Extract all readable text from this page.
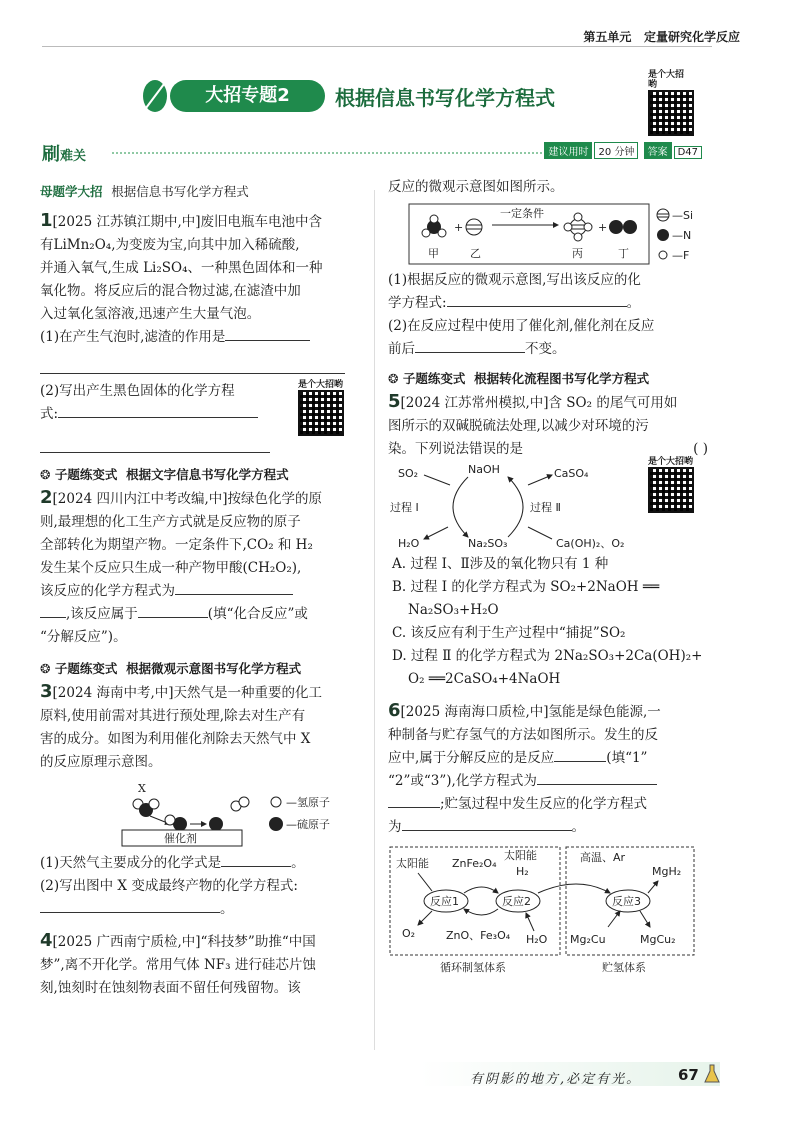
第五单元 定量研究化学反应
大招专题2	根据信息书写化学方程式
是个大招哟
刷难关	建议用时 20 分钟 答案 D47

母题学大招 根据信息书写化学方程式

1[2025 江苏镇江期中,中]废旧电瓶车电池中含

有LiMn₂O₄,为变废为宝,向其中加入稀硫酸,

并通入氧气,生成 Li₂SO₄、一种黑色固体和一种

氧化物。将反应后的混合物过滤,在滤渣中加

入过氧化氢溶液,迅速产生大量气泡。

(1)在产生气泡时,滤渣的作用是

(2)写出产生黑色固体的化学方程

式:

是个大招哟

❂ 子题练变式 根据文字信息书写化学方程式

2[2024 四川内江中考改编,中]按绿色化学的原

则,最理想的化工生产方式就是反应物的原子

全部转化为期望产物。一定条件下,CO₂ 和 H₂

发生某个反应只生成一种产物甲酸(CH₂O₂),

该反应的化学方程式为

,该反应属于	(填“化合反应”或

“分解反应”)。

❂ 子题练变式 根据微观示意图书写化学方程式

3[2024 海南中考,中]天然气是一种重要的化工

原料,使用前需对其进行预处理,除去对生产有

害的成分。如图为利用催化剂除去天然气中 X

的反应原理示意图。

X
催化剂
—氢原子
—硫原子

(1)天然气主要成分的化学式是	。

(2)写出图中 X 变成最终产物的化学方程式:

。

4[2025 广西南宁质检,中]“科技梦”助推“中国

梦”,离不开化学。常用气体 NF₃ 进行硅芯片蚀

刻,蚀刻时在蚀刻物表面不留任何残留物。该

反应的微观示意图如图所示。

+
一定条件
+
甲	乙	丙	丁
—Si
—N
—F

(1)根据反应的微观示意图,写出该反应的化

学方程式:	。

(2)在反应过程中使用了催化剂,催化剂在反应

前后	不变。

❂ 子题练变式 根据转化流程图书写化学方程式

5[2024 江苏常州模拟,中]含 SO₂ 的尾气可用如

图所示的双碱脱硫法处理,以减少对环境的污

染。下列说法错误的是	( )

SO₂	NaOH	CaSO₄
过程 Ⅰ	过程 Ⅱ
H₂O	Na₂SO₃	Ca(OH)₂、O₂
是个大招哟

A. 过程 Ⅰ、Ⅱ涉及的氧化物只有 1 种

B. 过程 Ⅰ 的化学方程式为 SO₂+2NaOH ══

Na₂SO₃+H₂O

C. 该反应有利于生产过程中“捕捉”SO₂

D. 过程 Ⅱ 的化学方程式为 2Na₂SO₃+2Ca(OH)₂+

O₂ ══2CaSO₄+4NaOH

6[2025 海南海口质检,中]氢能是绿色能源,一

种制备与贮存氢气的方法如图所示。发生的反

应中,属于分解反应的是反应	(填“1”

“2”或“3”),化学方程式为

;贮氢过程中发生反应的化学方程式

为	。

太阳能 ZnFe₂O₄
太阳能
H₂
反应1	反应2
O₂	ZnO、Fe₃O₄ H₂O
高温、Ar
反应3
MgH₂
Mg₂Cu	MgCu₂
循环制氢体系	贮氢体系
有阴影的地方,必定有光。 67
